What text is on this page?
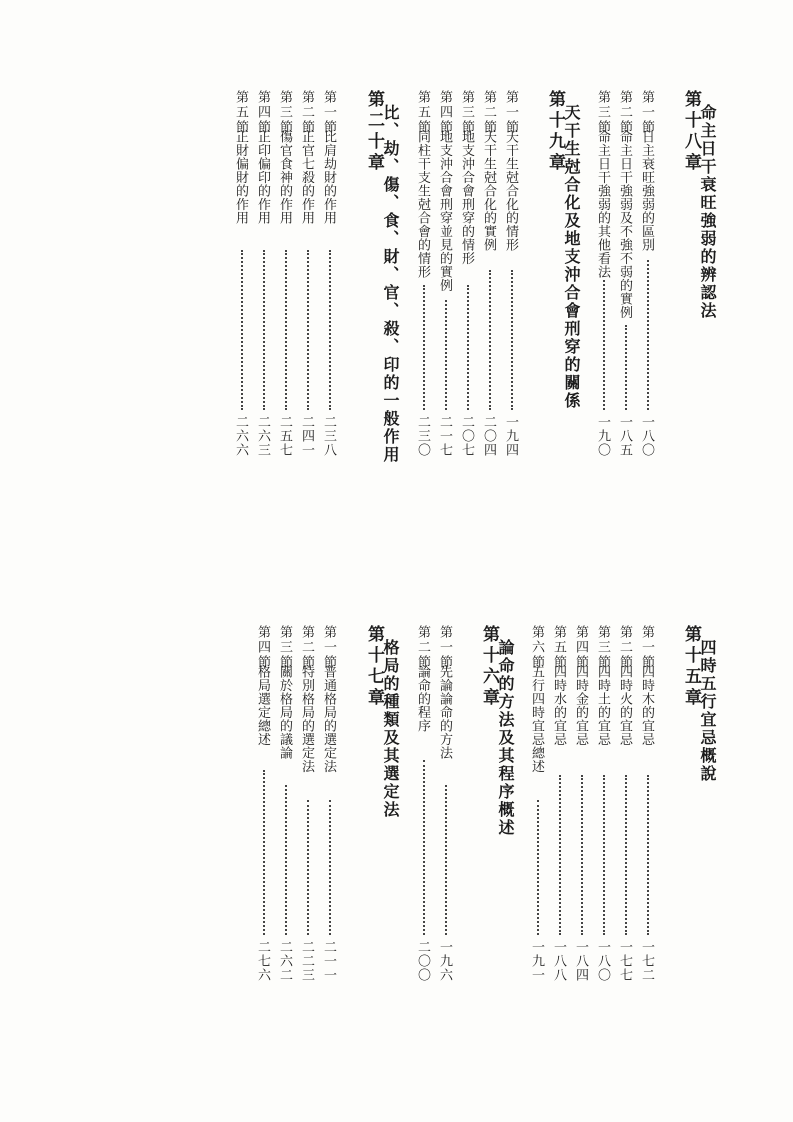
第十八章
命主日干衰旺強弱的辨認法
第一節
日主衰旺強弱的區別
一八〇
第二節
命主日干強弱及不強不弱的實例
一八五
第三節
命主日干強弱的其他看法
一九〇
第十九章
天干生尅合化及地支沖合會刑穿的關係
第一節
天干生尅合化的情形
一九四
第二節
天干生尅合化的實例
二〇四
第三節
地支沖合會刑穿的情形
二〇七
第四節
地支沖合會刑穿並見的實例
二一七
第五節
同柱干支生尅合會的情形
二三〇
第二十章
比、劫、傷、食、財、官、殺、印的一般作用
第一節
比肩劫財的作用
二三八
第二節
正官七殺的作用
二四一
第三節
傷官食神的作用
二五七
第四節
正印偏印的作用
二六三
第五節
正財偏財的作用
二六六
第十五章
四時五行宜忌概說
第一節
四時木的宜忌
一七二
第二節
四時火的宜忌
一七七
第三節
四時土的宜忌
一八〇
第四節
四時金的宜忌
一八四
第五節
四時水的宜忌
一八八
第六節
五行四時宜忌總述
一九一
第十六章
論命的方法及其程序概述
第一節
先論論命的方法
一九六
第二節
論命的程序
二〇〇
第十七章
格局的種類及其選定法
第一節
普通格局的選定法
二一一
第二節
特別格局的選定法
二二三
第三節
關於格局的議論
二六二
第四節
格局選定總述
二七六
